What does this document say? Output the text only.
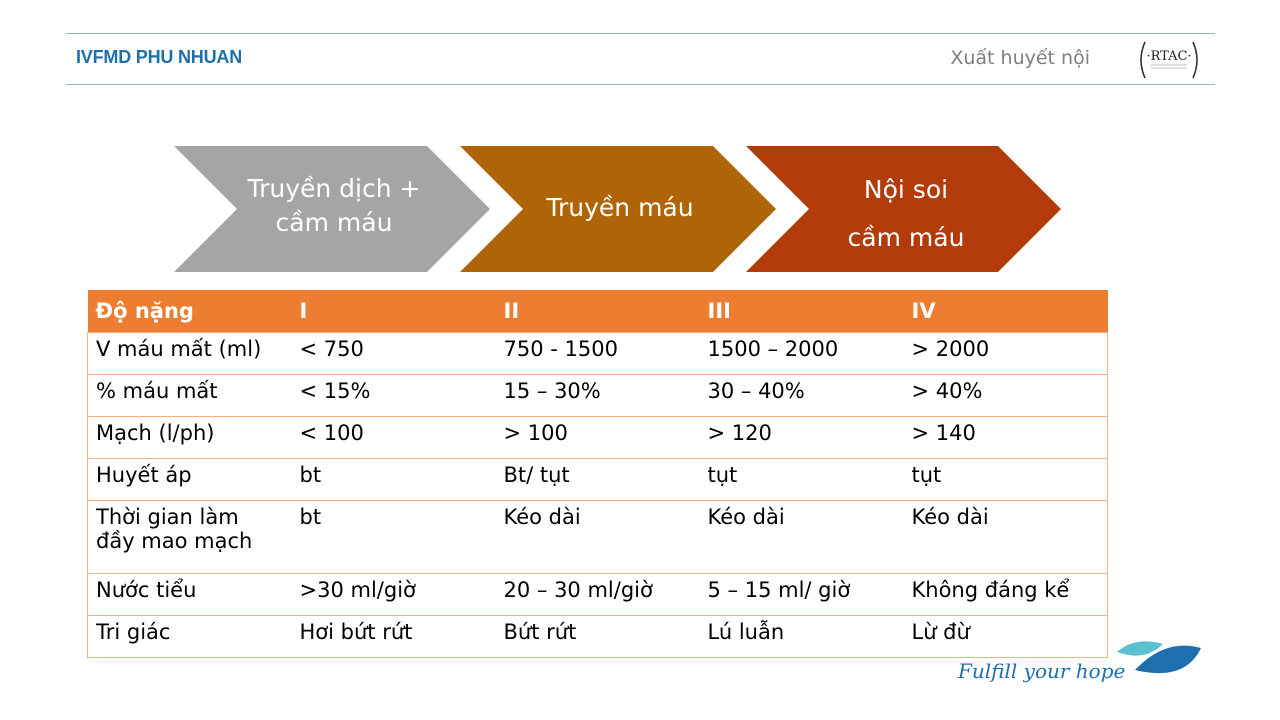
IVFMD PHU NHUAN	Xuất huyết nội	·RTAC·
Truyền dịch +
cầm máu
Truyền máu
Nội soi
cầm máu
Độ nặng	I	II	III	IV
V máu mất (ml)	< 750	750 - 1500	1500 – 2000	> 2000
% máu mất	< 15%	15 – 30%	30 – 40%	> 40%
Mạch (l/ph)	< 100	> 100	> 120	> 140
Huyết áp	bt	Bt/ tụt	tụt	tụt
Thời gian làm đầy mao mạch	bt	Kéo dài	Kéo dài	Kéo dài
Nước tiểu	>30 ml/giờ	20 – 30 ml/giờ	5 – 15 ml/ giờ	Không đáng kể
Tri giác	Hơi bứt rứt	Bứt rứt	Lú luẫn	Lừ đừ
Fulfill your hope
